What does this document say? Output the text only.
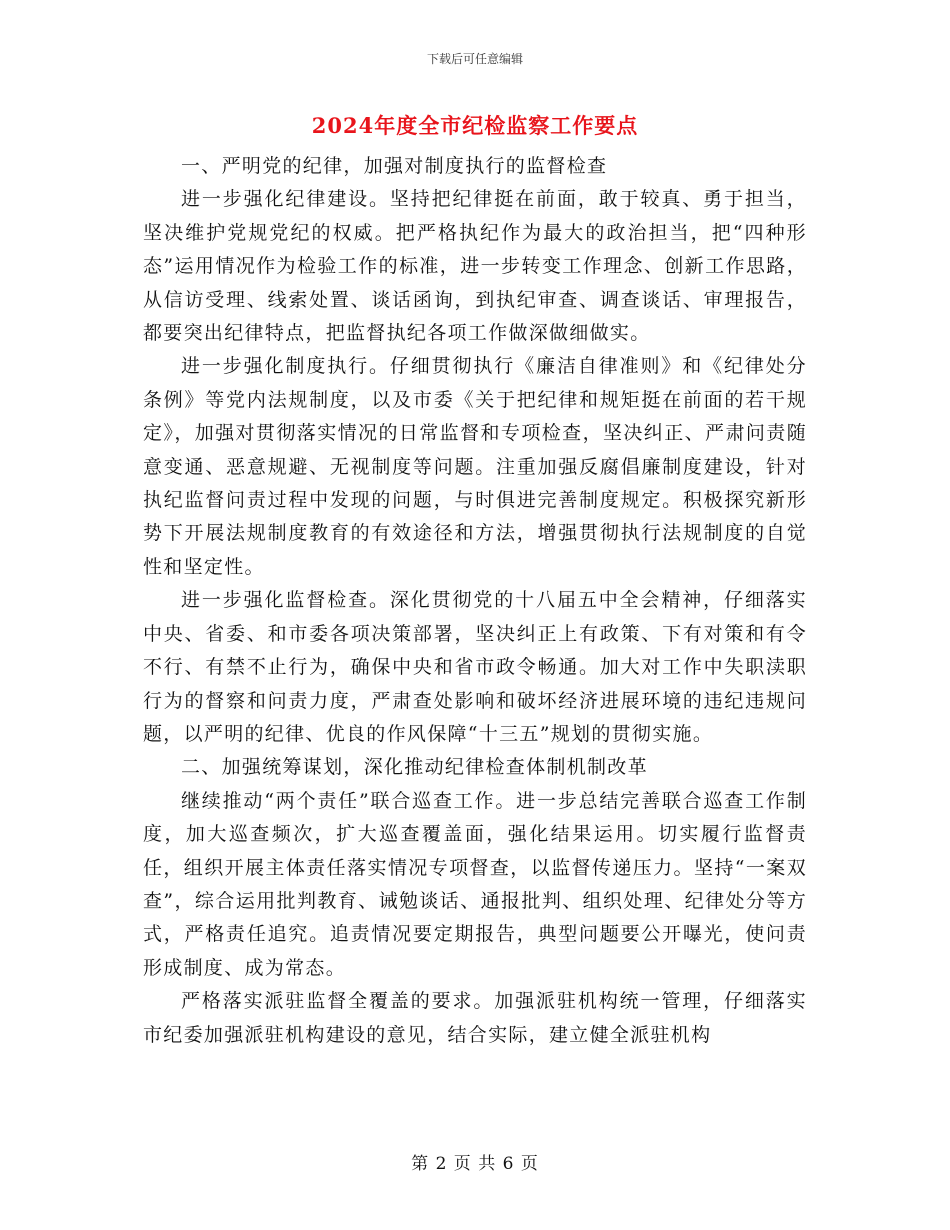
下载后可任意编辑
2024年度全市纪检监察工作要点

一、严明党的纪律，加强对制度执行的监督检查

进一步强化纪律建设。坚持把纪律挺在前面，敢于较真、勇于担当，坚决维护党规党纪的权威。把严格执纪作为最大的政治担当，把“四种形态”运用情况作为检验工作的标准，进一步转变工作理念、创新工作思路，从信访受理、线索处置、谈话函询，到执纪审查、调查谈话、审理报告，都要突出纪律特点，把监督执纪各项工作做深做细做实。

进一步强化制度执行。仔细贯彻执行《廉洁自律准则》和《纪律处分条例》等党内法规制度，以及市委《关于把纪律和规矩挺在前面的若干规定》，加强对贯彻落实情况的日常监督和专项检查，坚决纠正、严肃问责随意变通、恶意规避、无视制度等问题。注重加强反腐倡廉制度建设，针对执纪监督问责过程中发现的问题，与时俱进完善制度规定。积极探究新形势下开展法规制度教育的有效途径和方法，增强贯彻执行法规制度的自觉性和坚定性。

进一步强化监督检查。深化贯彻党的十八届五中全会精神，仔细落实中央、省委、和市委各项决策部署，坚决纠正上有政策、下有对策和有令不行、有禁不止行为，确保中央和省市政令畅通。加大对工作中失职渎职行为的督察和问责力度，严肃查处影响和破坏经济进展环境的违纪违规问题，以严明的纪律、优良的作风保障“十三五”规划的贯彻实施。

二、加强统筹谋划，深化推动纪律检查体制机制改革

继续推动“两个责任”联合巡查工作。进一步总结完善联合巡查工作制度，加大巡查频次，扩大巡查覆盖面，强化结果运用。切实履行监督责任，组织开展主体责任落实情况专项督查，以监督传递压力。坚持“一案双查”，综合运用批判教育、诫勉谈话、通报批判、组织处理、纪律处分等方式，严格责任追究。追责情况要定期报告，典型问题要公开曝光，使问责形成制度、成为常态。

严格落实派驻监督全覆盖的要求。加强派驻机构统一管理，仔细落实市纪委加强派驻机构建设的意见，结合实际，建立健全派驻机构

第 2 页 共 6 页
